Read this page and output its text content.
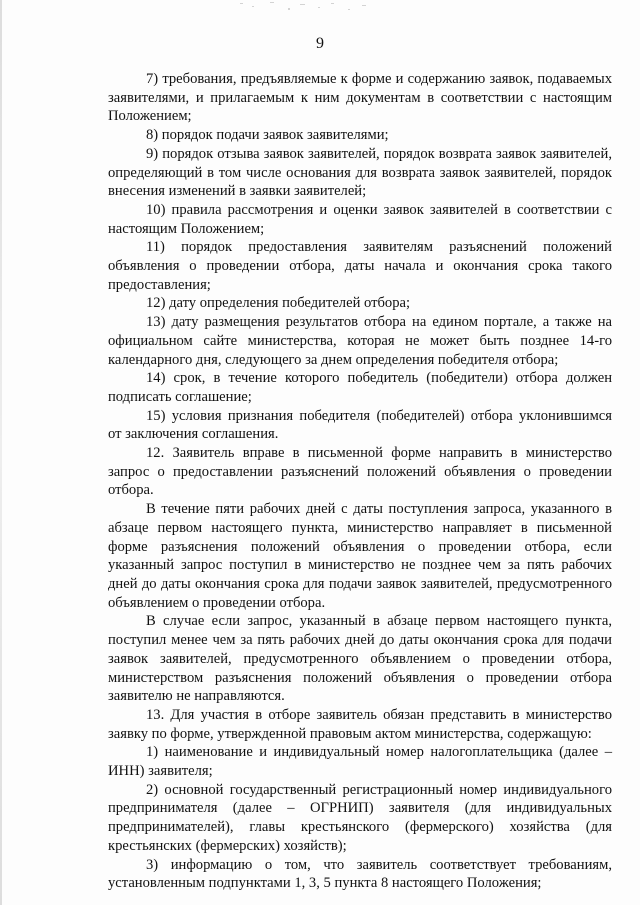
9

7) требования, предъявляемые к форме и содержанию заявок, подаваемых заявителями, и прилагаемым к ним документам в соответствии с настоящим Положением;

8) порядок подачи заявок заявителями;

9) порядок отзыва заявок заявителей, порядок возврата заявок заявителей, определяющий в том числе основания для возврата заявок заявителей, порядок внесения изменений в заявки заявителей;

10) правила рассмотрения и оценки заявок заявителей в соответствии с настоящим Положением;

11) порядок предоставления заявителям разъяснений положений объявления о проведении отбора, даты начала и окончания срока такого предоставления;

12) дату определения победителей отбора;

13) дату размещения результатов отбора на едином портале, а также на официальном сайте министерства, которая не может быть позднее 14-го календарного дня, следующего за днем определения победителя отбора;

14) срок, в течение которого победитель (победители) отбора должен подписать соглашение;

15) условия признания победителя (победителей) отбора уклонившимся от заключения соглашения.

12. Заявитель вправе в письменной форме направить в министерство запрос о предоставлении разъяснений положений объявления о проведении отбора.

В течение пяти рабочих дней с даты поступления запроса, указанного в абзаце первом настоящего пункта, министерство направляет в письменной форме разъяснения положений объявления о проведении отбора, если указанный запрос поступил в министерство не позднее чем за пять рабочих дней до даты окончания срока для подачи заявок заявителей, предусмотренного объявлением о проведении отбора.

В случае если запрос, указанный в абзаце первом настоящего пункта, поступил менее чем за пять рабочих дней до даты окончания срока для подачи заявок заявителей, предусмотренного объявлением о проведении отбора, министерством разъяснения положений объявления о проведении отбора заявителю не направляются.

13. Для участия в отборе заявитель обязан представить в министерство заявку по форме, утвержденной правовым актом министерства, содержащую:

1) наименование и индивидуальный номер налогоплательщика (далее – ИНН) заявителя;

2) основной государственный регистрационный номер индивидуального предпринимателя (далее – ОГРНИП) заявителя (для индивидуальных предпринимателей), главы крестьянского (фермерского) хозяйства (для крестьянских (фермерских) хозяйств);

3) информацию о том, что заявитель соответствует требованиям, установленным подпунктами 1, 3, 5 пункта 8 настоящего Положения;
